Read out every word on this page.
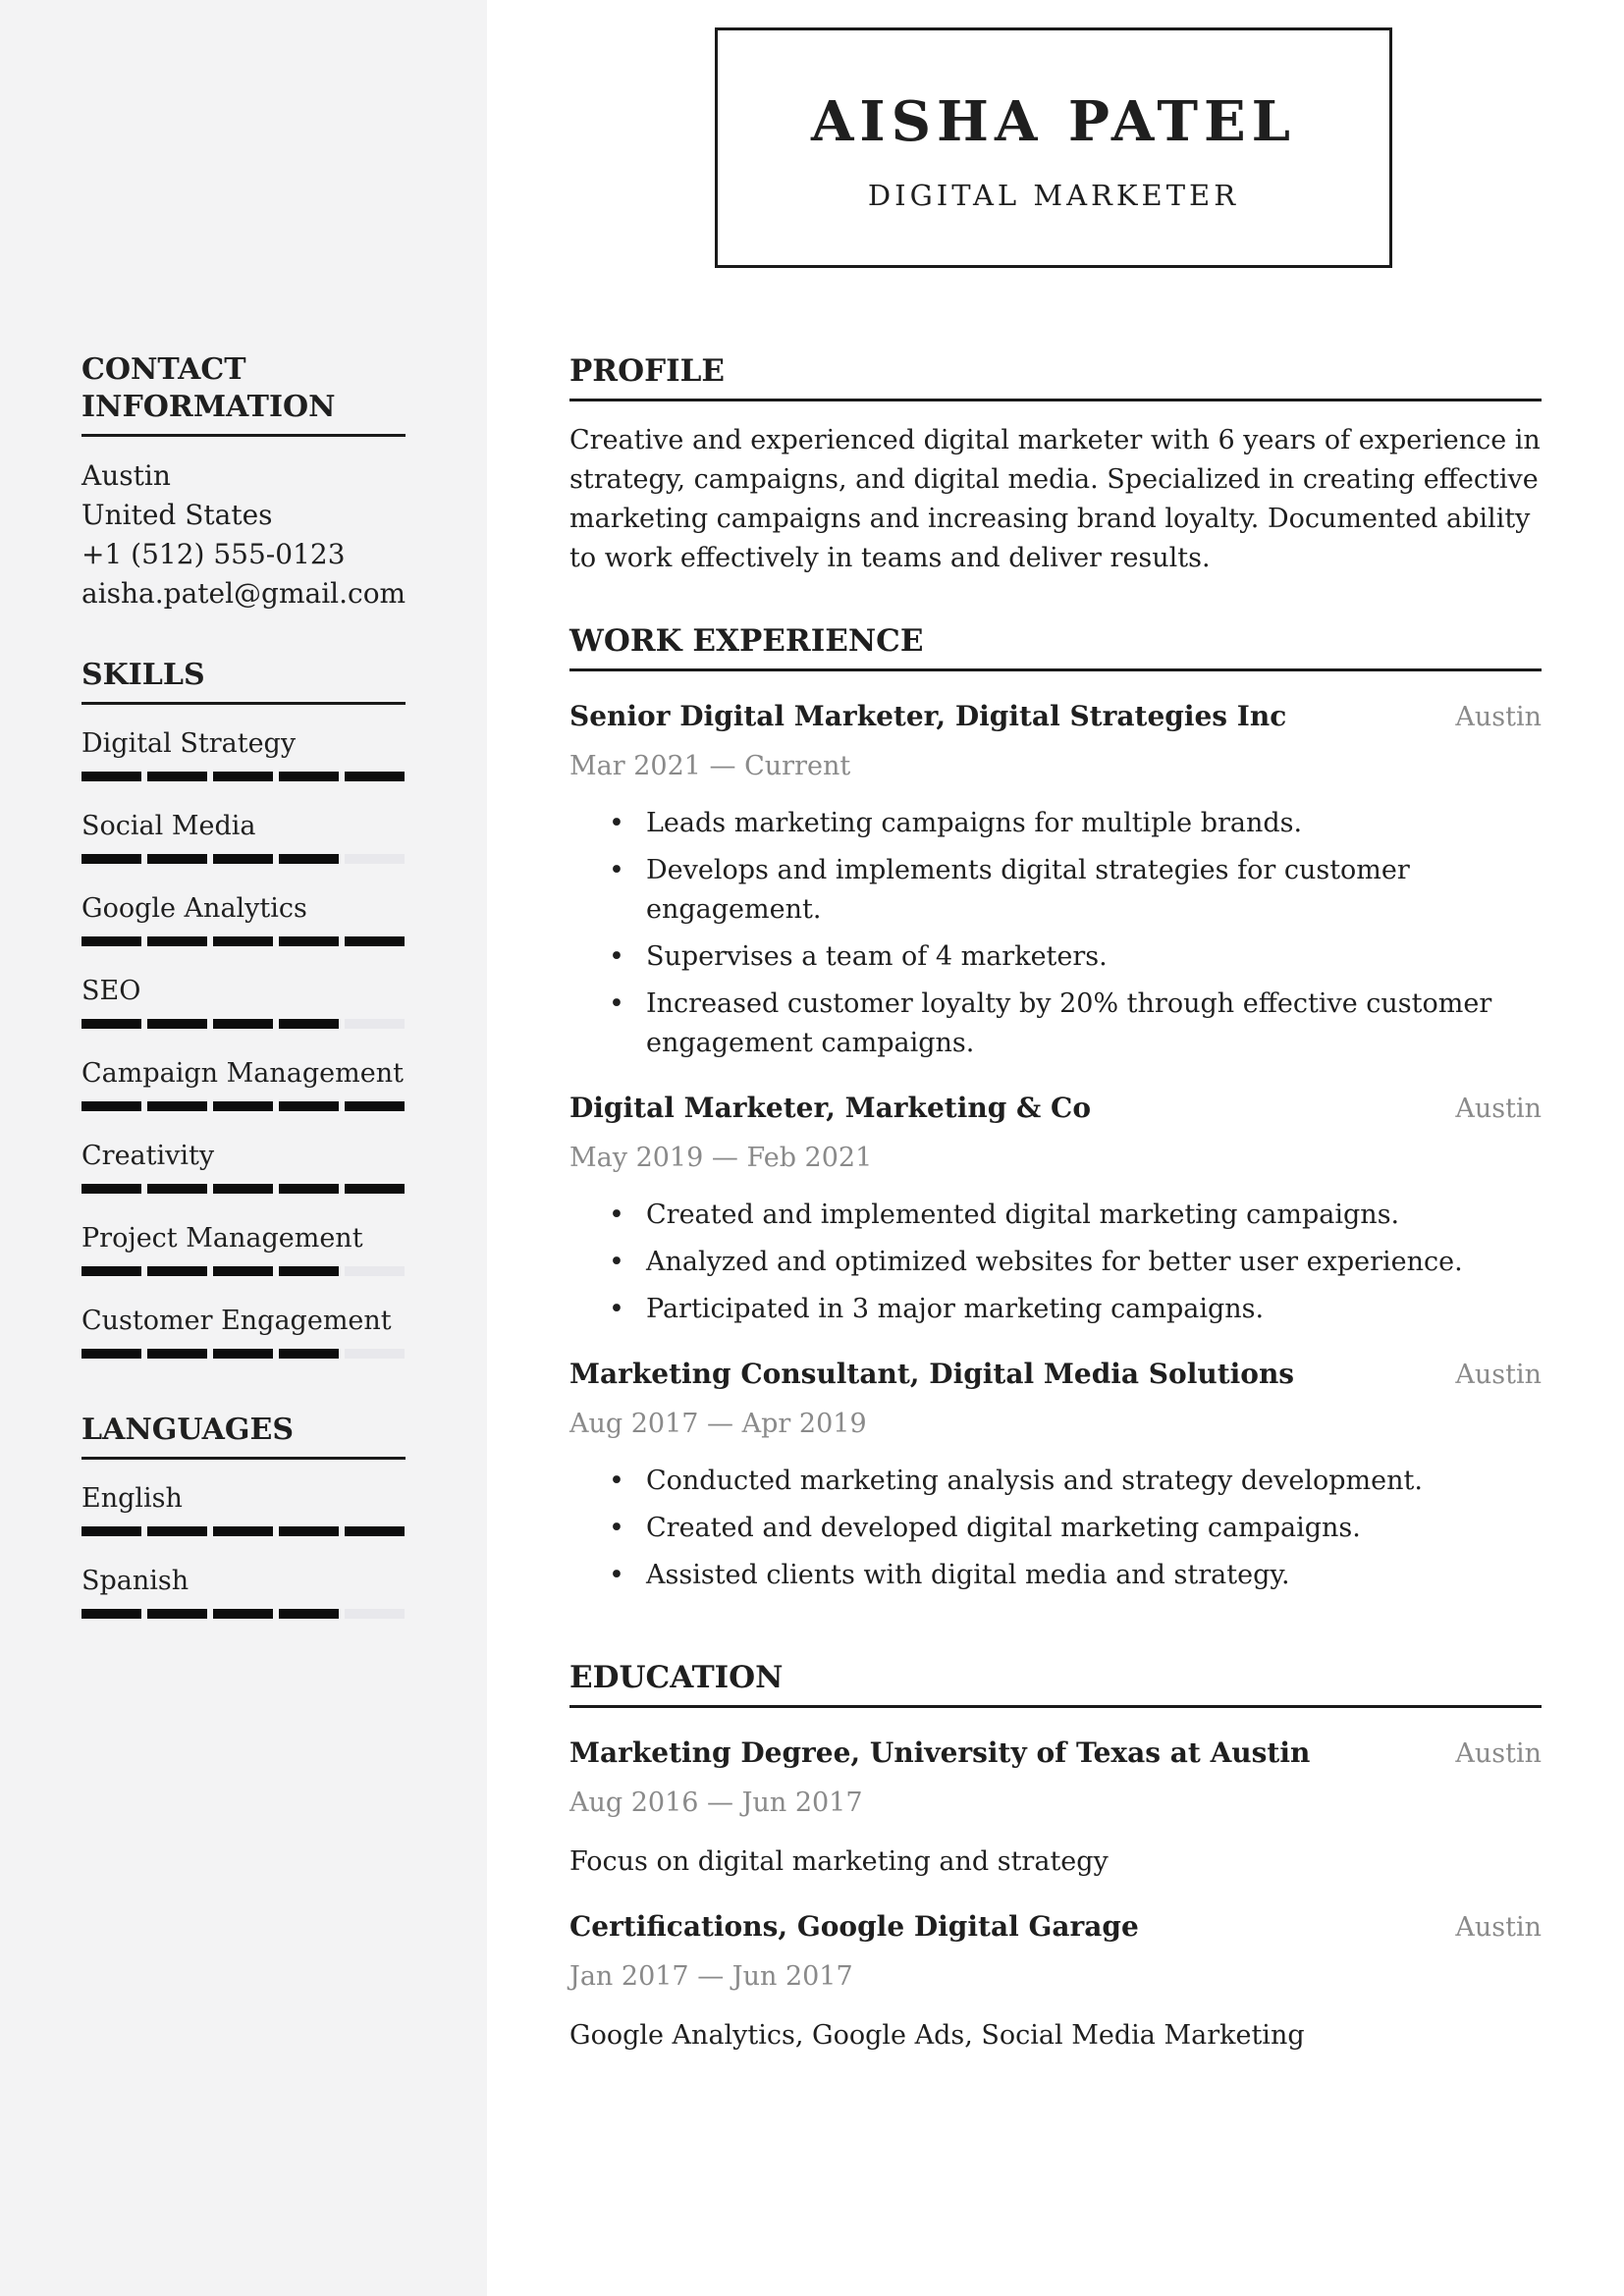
CONTACT
INFORMATION
Austin
United States
+1 (512) 555-0123
aisha.patel@gmail.com
SKILLS
Digital Strategy
Social Media
Google Analytics
SEO
Campaign Management
Creativity
Project Management
Customer Engagement
LANGUAGES
English
Spanish
AISHA PATEL
DIGITAL MARKETER
PROFILE
Creative and experienced digital marketer with 6 years of experience in strategy, campaigns, and digital media. Specialized in creating effective marketing campaigns and increasing brand loyalty. Documented ability to work effectively in teams and deliver results.
WORK EXPERIENCE
Senior Digital Marketer, Digital Strategies Inc	Austin
Mar 2021 — Current
• Leads marketing campaigns for multiple brands.
• Develops and implements digital strategies for customer engagement.
• Supervises a team of 4 marketers.
• Increased customer loyalty by 20% through effective customer engagement campaigns.
Digital Marketer, Marketing & Co	Austin
May 2019 — Feb 2021
• Created and implemented digital marketing campaigns.
• Analyzed and optimized websites for better user experience.
• Participated in 3 major marketing campaigns.
Marketing Consultant, Digital Media Solutions	Austin
Aug 2017 — Apr 2019
• Conducted marketing analysis and strategy development.
• Created and developed digital marketing campaigns.
• Assisted clients with digital media and strategy.
EDUCATION
Marketing Degree, University of Texas at Austin	Austin
Aug 2016 — Jun 2017
Focus on digital marketing and strategy
Certifications, Google Digital Garage	Austin
Jan 2017 — Jun 2017
Google Analytics, Google Ads, Social Media Marketing
